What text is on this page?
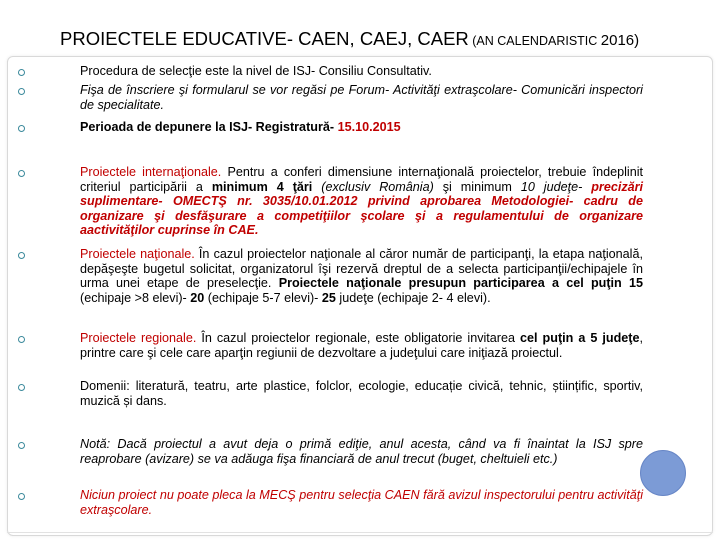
PROIECTELE EDUCATIVE- CAEN, CAEJ, CAER (AN CALENDARISTIC 2016)

Procedura de selecţie este la nivel de ISJ- Consiliu Consultativ.

Fişa de înscriere şi formularul se vor regăsi pe Forum- Activităţi extraşcolare- Comunicări inspectori de specialitate.

Perioada de depunere la ISJ- Registratură- 15.10.2015

Proiectele internaţionale. Pentru a conferi dimensiune internaţională proiectelor, trebuie îndeplinit criteriul participării a minimum 4 ţări (exclusiv România) şi minimum 10 judeţe- precizări suplimentare- OMECTŞ nr. 3035/10.01.2012 privind aprobarea Metodologiei- cadru de organizare şi desfăşurare a competiţiilor şcolare şi a regulamentului de organizare aactivităţilor cuprinse în CAE.

Proiectele naţionale. În cazul proiectelor naţionale al căror număr de participanţi, la etapa naţională, depăşeşte bugetul solicitat, organizatorul îşi rezervă dreptul de a selecta participanţii/echipajele în urma unei etape de preselecţie. Proiectele naţionale presupun participarea a cel puţin 15 (echipaje >8 elevi)- 20 (echipaje 5-7 elevi)- 25 judeţe (echipaje 2- 4 elevi).

Proiectele regionale. În cazul proiectelor regionale, este obligatorie invitarea cel puţin a 5 judeţe, printre care şi cele care aparţin regiunii de dezvoltare a judeţului care iniţiază proiectul.

Domenii: literatură, teatru, arte plastice, folclor, ecologie, educație civică, tehnic, științific, sportiv, muzică și dans.

Notă: Dacă proiectul a avut deja o primă ediţie, anul acesta, când va fi înaintat la ISJ spre reaprobare (avizare) se va adăuga fişa financiară de anul trecut (buget, cheltuieli etc.)

Niciun proiect nu poate pleca la MECŞ pentru selecţia CAEN fără avizul inspectorului pentru activităţi extraşcolare.
